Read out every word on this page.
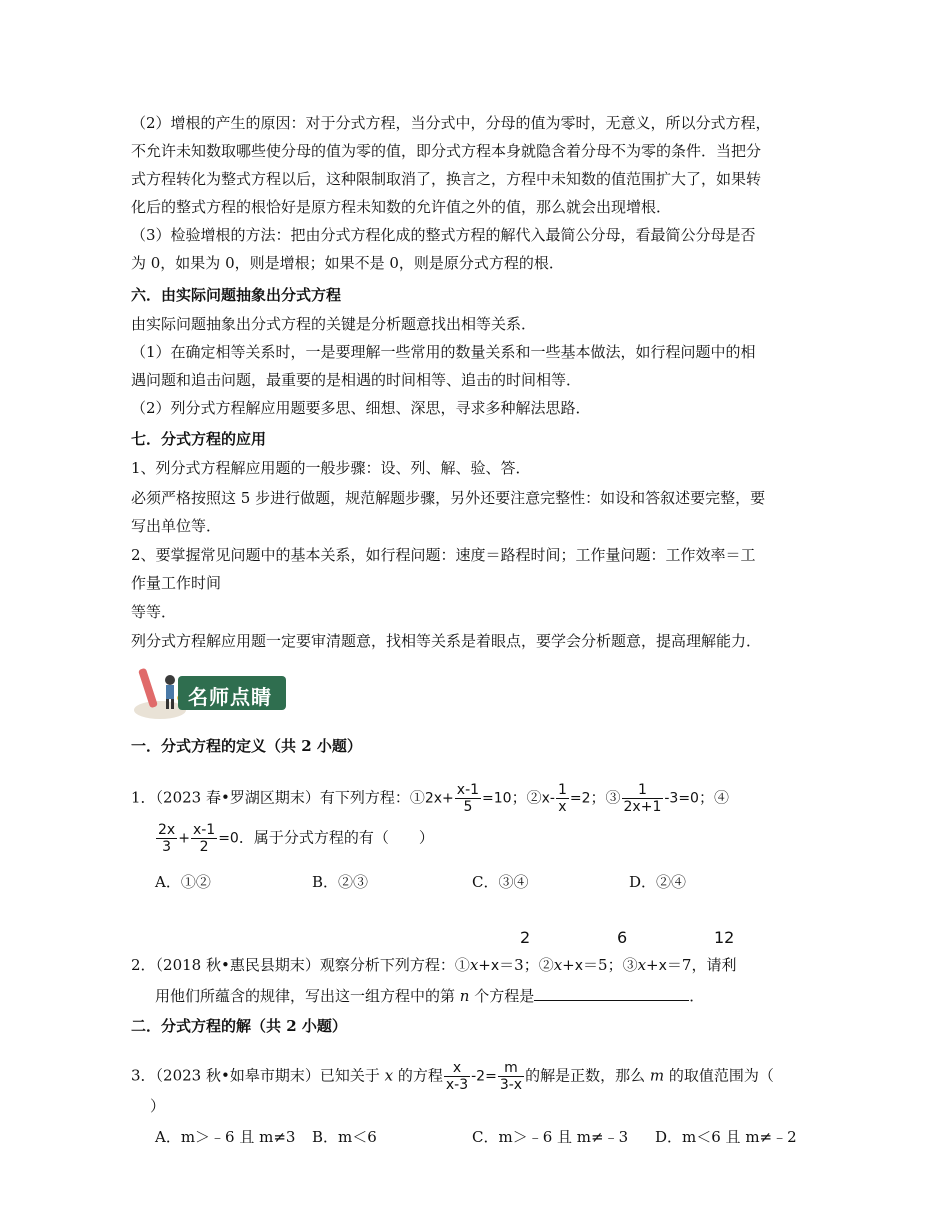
（2）增根的产生的原因：对于分式方程，当分式中，分母的值为零时，无意义，所以分式方程，
不允许未知数取哪些使分母的值为零的值，即分式方程本身就隐含着分母不为零的条件．当把分
式方程转化为整式方程以后，这种限制取消了，换言之，方程中未知数的值范围扩大了，如果转
化后的整式方程的根恰好是原方程未知数的允许值之外的值，那么就会出现增根．
（3）检验增根的方法：把由分式方程化成的整式方程的解代入最简公分母，看最简公分母是否
为 0，如果为 0，则是增根；如果不是 0，则是原分式方程的根．
六．由实际问题抽象出分式方程
由实际问题抽象出分式方程的关键是分析题意找出相等关系．
（1）在确定相等关系时，一是要理解一些常用的数量关系和一些基本做法，如行程问题中的相
遇问题和追击问题，最重要的是相遇的时间相等、追击的时间相等．
（2）列分式方程解应用题要多思、细想、深思，寻求多种解法思路．
七．分式方程的应用
1、列分式方程解应用题的一般步骤：设、列、解、验、答．
必须严格按照这 5 步进行做题，规范解题步骤，另外还要注意完整性：如设和答叙述要完整，要
写出单位等．
2、要掌握常见问题中的基本关系，如行程问题：速度＝路程时间；工作量问题：工作效率＝工
作量工作时间
等等．
列分式方程解应用题一定要审清题意，找相等关系是着眼点，要学会分析题意，提高理解能力．
名师点睛
一．分式方程的定义（共 2 小题）
1．（2023 春•罗湖区期末）有下列方程：①2x+ $\frac{x-1}{5} =10$；②x- $\frac{1}{x} =2$；③ $\frac{1}{2x+1} -3=0$；④
$\frac{2x}{3} + \frac{x-1}{2} =0$．属于分式方程的有（　　）
A．①②	B．②③	C．③④	D．②④
2	6	12
2．（2018 秋•惠民县期末）观察分析下列方程：①x+x＝3；②x+x＝5；③x+x＝7，请利
用他们所蕴含的规律，写出这一组方程中的第 n 个方程是	．
二．分式方程的解（共 2 小题）
3．（2023 秋•如皋市期末）已知关于 x 的方程 $\frac{x}{x-3} -2= \frac{m}{3-x}$ 的解是正数，那么 m 的取值范围为（
）
A．m＞﹣6 且 m≠3 B．m＜6	C．m＞﹣6 且 m≠﹣3 D．m＜6 且 m≠﹣2
